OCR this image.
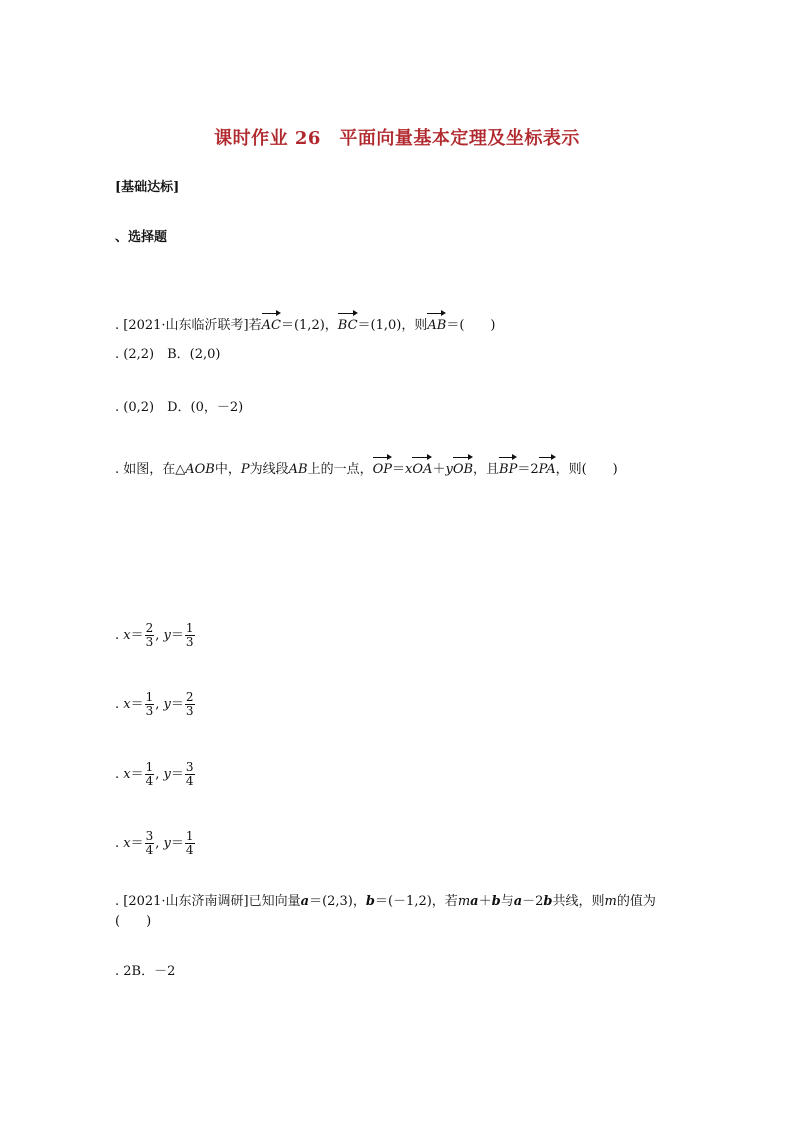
课时作业 26　平面向量基本定理及坐标表示
[基础达标]
、选择题
. [2021·山东临沂联考]若AC＝(1,2)，BC＝(1,0)，则AB＝(　　)
. (2,2)　B．(2,0)
. (0,2)　D．(0，－2)
. 如图，在△AOB中，P为线段AB上的一点，OP＝xOA＋yOB，且BP＝2PA，则(　　)
. $x= \frac{2}{3}$ , $y= \frac{1}{3}$
. $x= \frac{1}{3}$ , $y= \frac{2}{3}$
. $x= \frac{1}{4}$ , $y= \frac{3}{4}$
. $x= \frac{3}{4}$ , $y= \frac{1}{4}$
. [2021·山东济南调研]已知向量a＝(2,3)，b＝(－1,2)，若ma＋b与a－2b共线，则m的值为
(　　)
. 2B．－2
